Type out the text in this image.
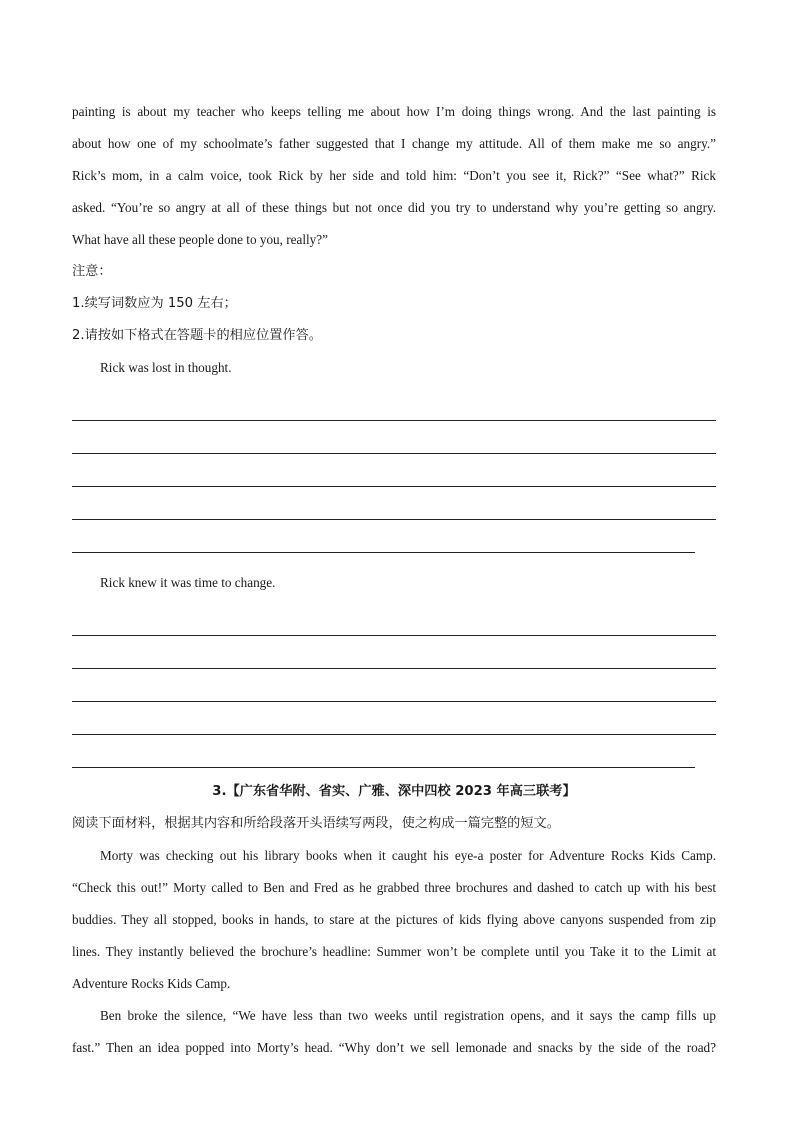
painting is about my teacher who keeps telling me about how I’m doing things wrong. And the last painting is
about how one of my schoolmate’s father suggested that I change my attitude. All of them make me so angry.”
Rick’s mom, in a calm voice, took Rick by her side and told him: “Don’t you see it, Rick?” “See what?” Rick
asked. “You’re so angry at all of these things but not once did you try to understand why you’re getting so angry.
What have all these people done to you, really?”

注意：

1.续写词数应为 150 左右；

2.请按如下格式在答题卡的相应位置作答。

Rick was lost in thought.

Rick knew it was time to change.

3.【广东省华附、省实、广雅、深中四校 2023 年高三联考】

阅读下面材料，根据其内容和所给段落开头语续写两段，使之构成一篇完整的短文。

Morty was checking out his library books when it caught his eye-a poster for Adventure Rocks Kids Camp.
“Check this out!” Morty called to Ben and Fred as he grabbed three brochures and dashed to catch up with his best
buddies. They all stopped, books in hands, to stare at the pictures of kids flying above canyons suspended from zip
lines. They instantly believed the brochure’s headline: Summer won’t be complete until you Take it to the Limit at
Adventure Rocks Kids Camp.
Ben broke the silence, “We have less than two weeks until registration opens, and it says the camp fills up
fast.” Then an idea popped into Morty’s head. “Why don’t we sell lemonade and snacks by the side of the road?
